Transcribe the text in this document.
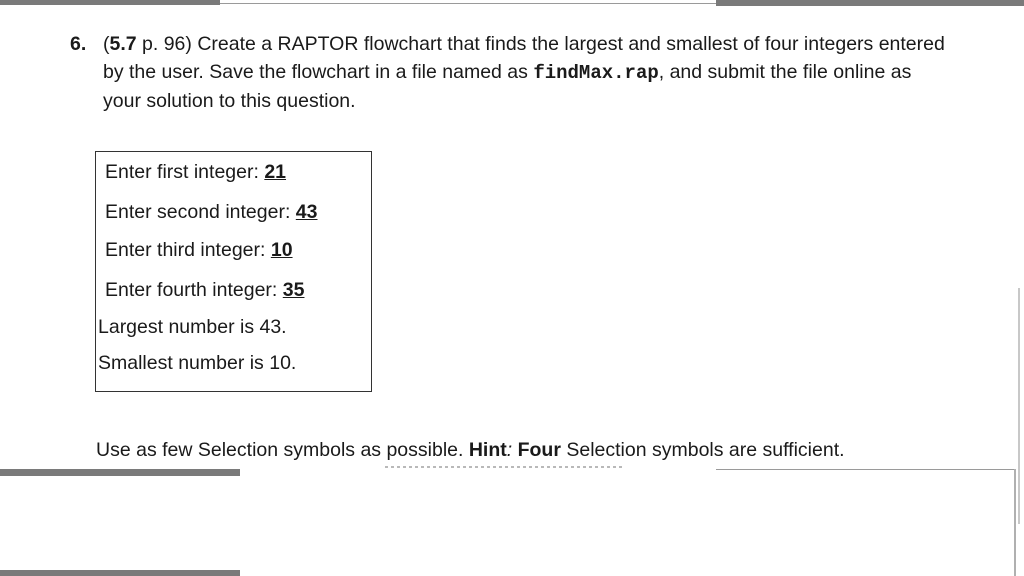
6. (5.7 p. 96) Create a RAPTOR flowchart that finds the largest and smallest of four integers entered by the user. Save the flowchart in a file named as findMax.rap, and submit the file online as your solution to this question.
Enter first integer: 21
Enter second integer: 43
Enter third integer: 10
Enter fourth integer: 35
Largest number is 43.
Smallest number is 10.
Use as few Selection symbols as possible. Hint: Four Selection symbols are sufficient.
